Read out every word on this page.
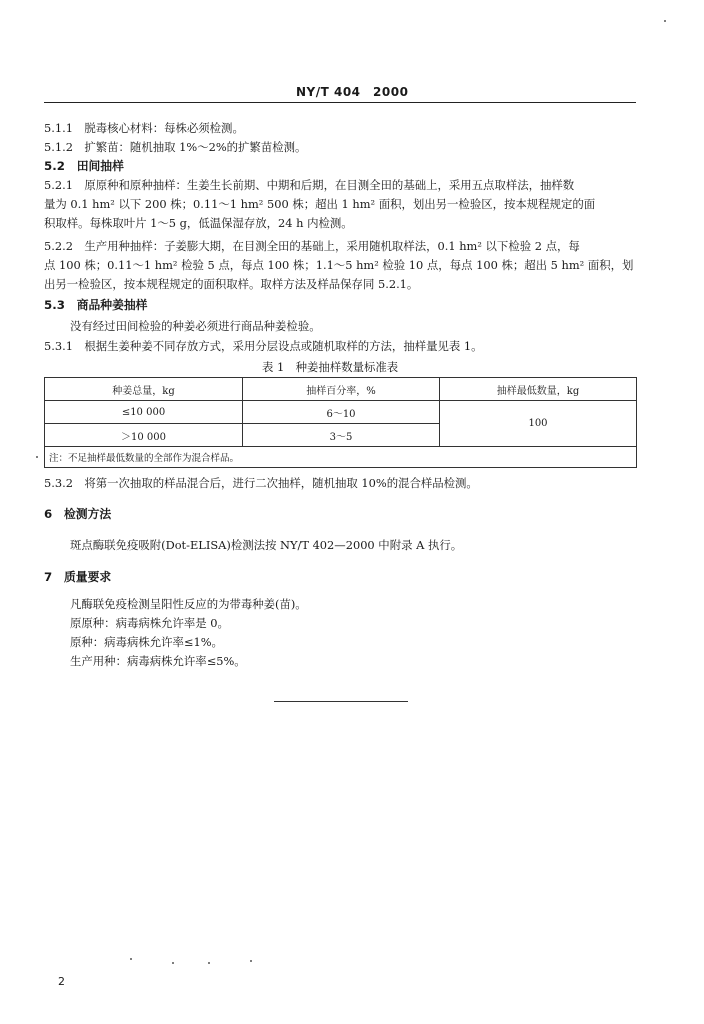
NY/T 404　2000
5.1.1　脱毒核心材料：每株必须检测。
5.1.2　扩繁苗：随机抽取 1%～2%的扩繁苗检测。
5.2　田间抽样
5.2.1　原原种和原种抽样：生姜生长前期、中期和后期，在目测全田的基础上，采用五点取样法，抽样数
量为 0.1 hm² 以下 200 株；0.11～1 hm² 500 株；超出 1 hm² 面积，划出另一检验区，按本规程规定的面
积取样。每株取叶片 1～5 g，低温保湿存放，24 h 内检测。
5.2.2　生产用种抽样：子姜膨大期，在目测全田的基础上，采用随机取样法，0.1 hm² 以下检验 2 点，每
点 100 株；0.11～1 hm² 检验 5 点，每点 100 株；1.1～5 hm² 检验 10 点，每点 100 株；超出 5 hm² 面积，划
出另一检验区，按本规程规定的面积取样。取样方法及样品保存同 5.2.1。
5.3　商品种姜抽样
没有经过田间检验的种姜必须进行商品种姜检验。
5.3.1　根据生姜种姜不同存放方式，采用分层设点或随机取样的方法，抽样量见表 1。
表 1　种姜抽样数量标准表
种姜总量，kg	抽样百分率，%	抽样最低数量，kg
≤10 000	6～10	100
＞10 000	3～5	
注：不足抽样最低数量的全部作为混合样品。		
5.3.2　将第一次抽取的样品混合后，进行二次抽样，随机抽取 10%的混合样品检测。
6　检测方法
斑点酶联免疫吸附(Dot-ELISA)检测法按 NY/T 402—2000 中附录 A 执行。
7　质量要求
凡酶联免疫检测呈阳性反应的为带毒种姜(苗)。
原原种：病毒病株允许率是 0。
原种：病毒病株允许率≤1%。
生产用种：病毒病株允许率≤5%。
2
